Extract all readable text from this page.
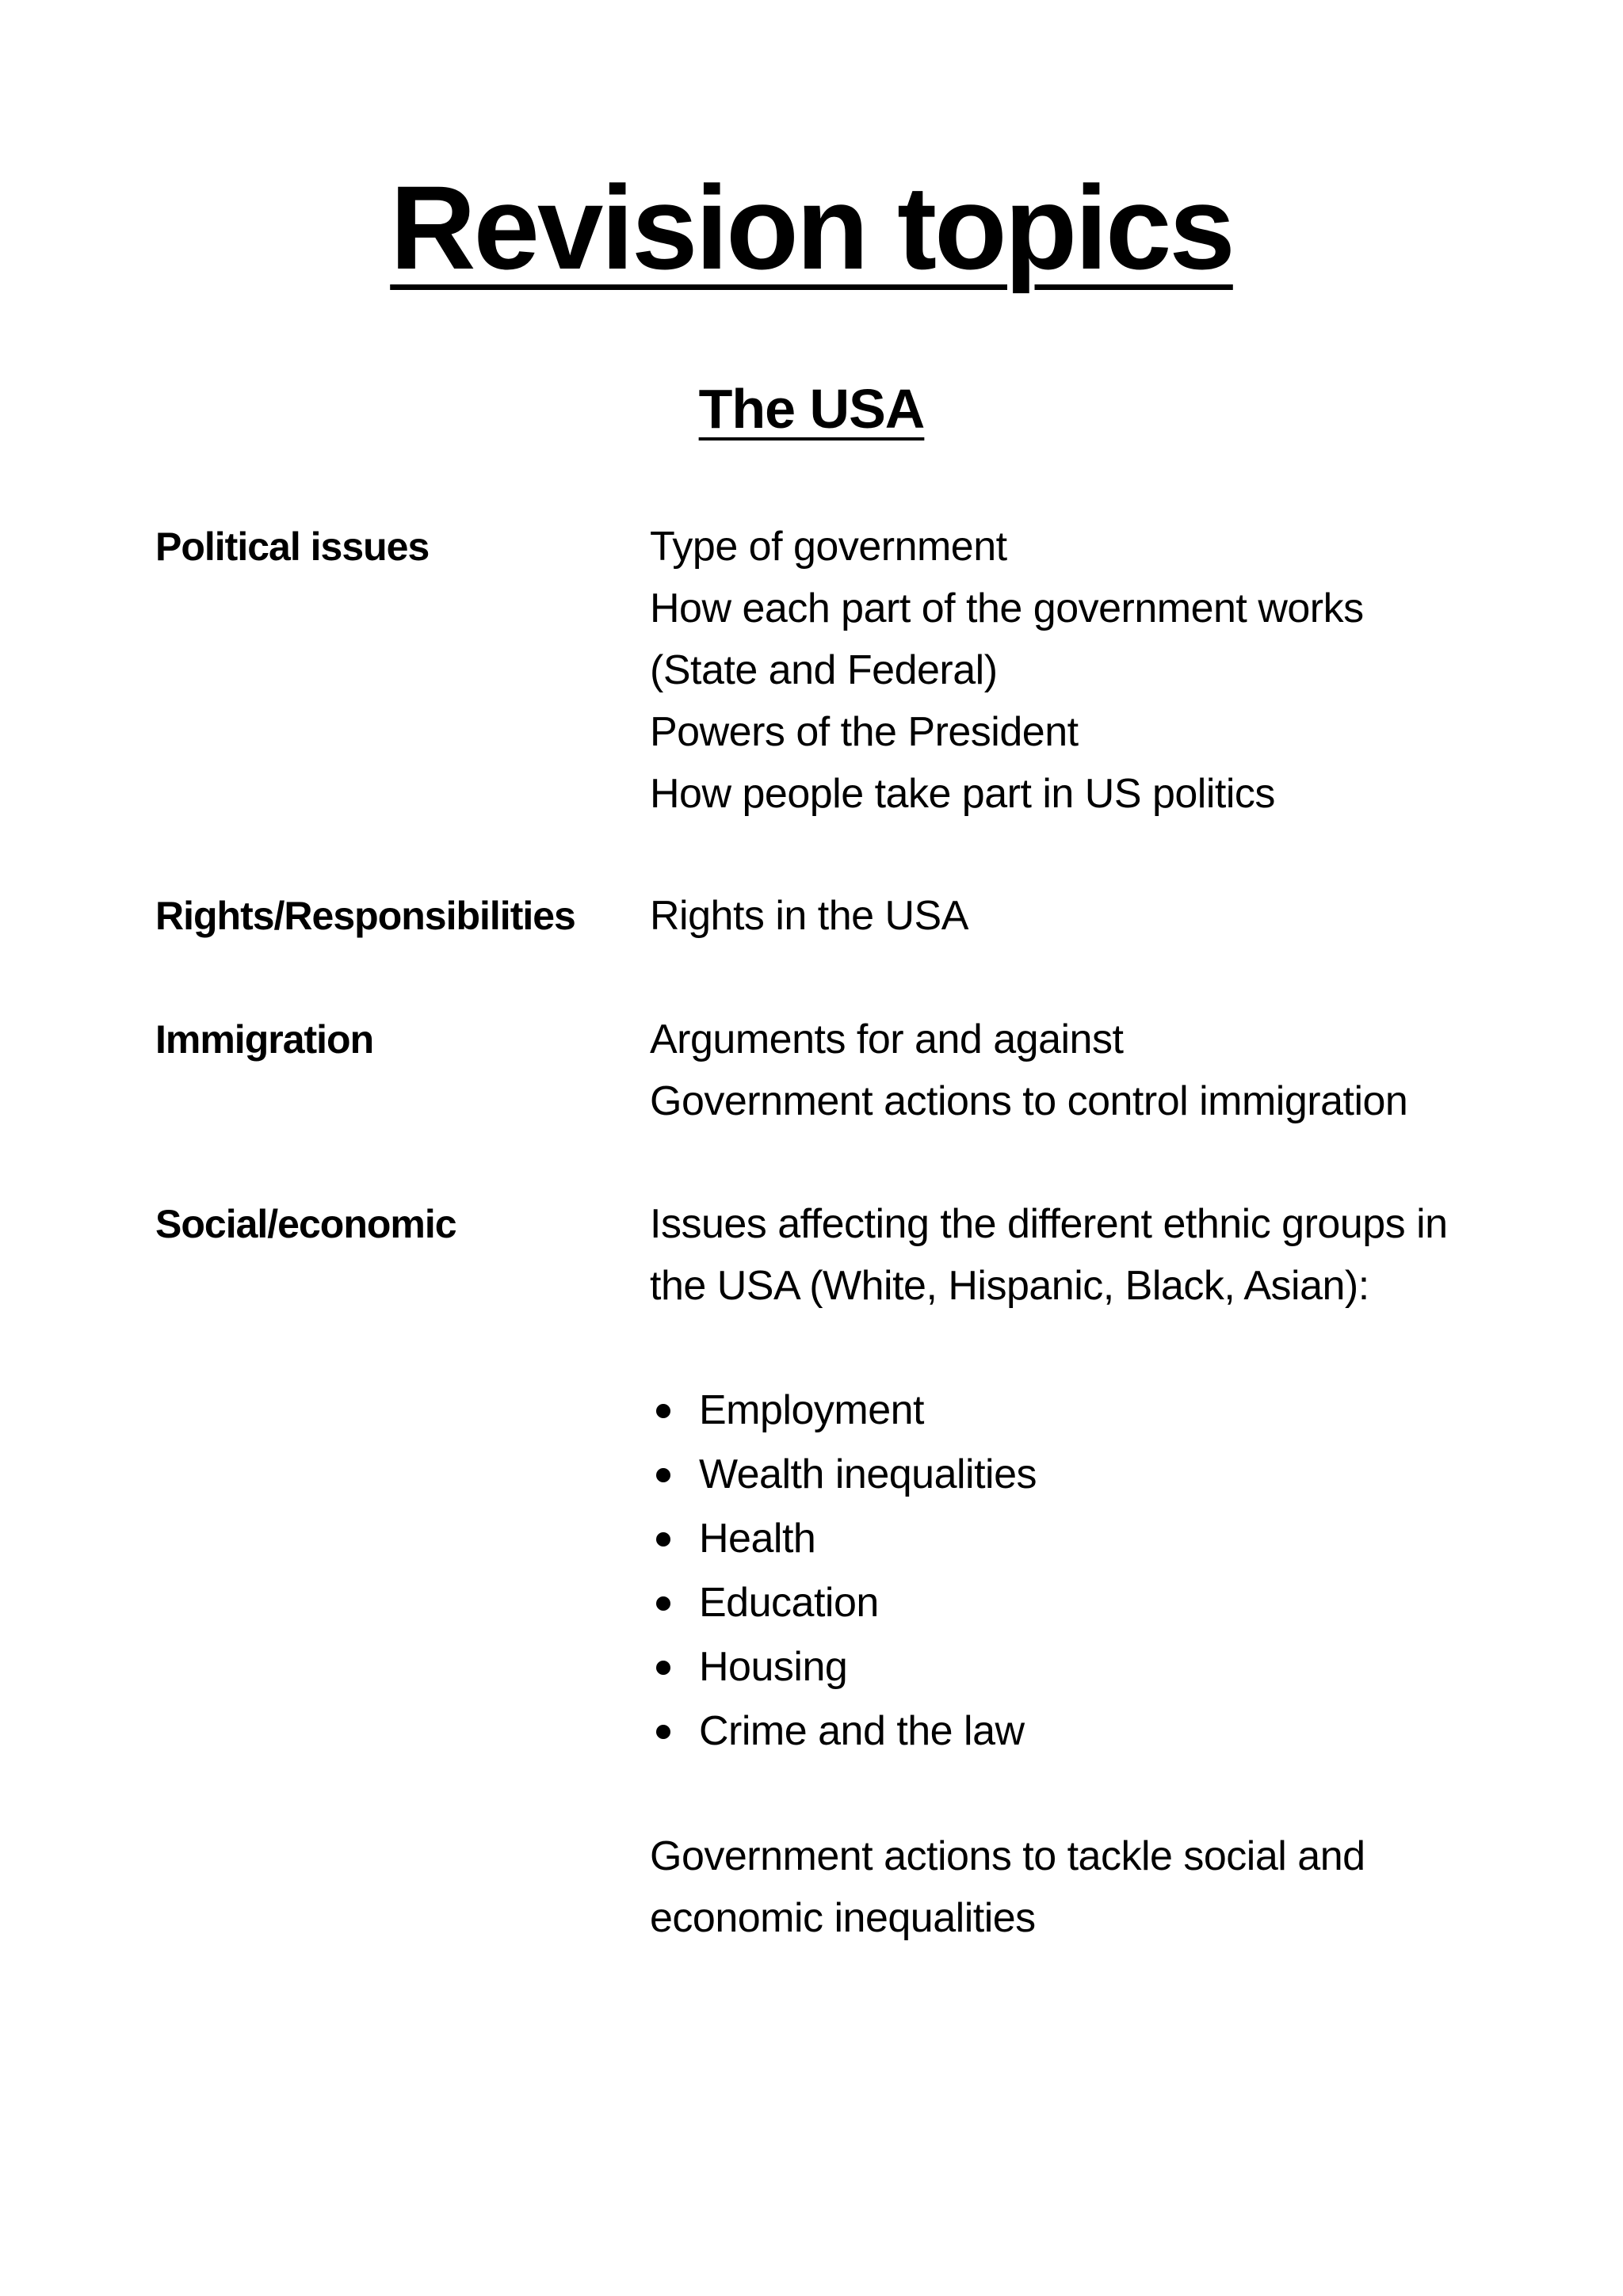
Revision topics
The USA
Political issues	Type of government
How each part of the government works
(State and Federal)
Powers of the President
How people take part in US politics
Rights/Responsibilities Rights in the USA
Immigration	Arguments for and against
Government actions to control immigration
Social/economic	Issues affecting the different ethnic groups in
the USA (White, Hispanic, Black, Asian):
Employment
Wealth inequalities
Health
Education
Housing
Crime and the law
Government actions to tackle social and
economic inequalities
